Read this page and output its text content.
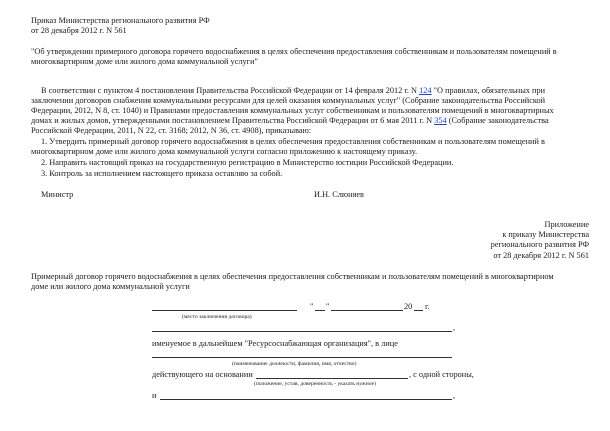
Приказ Министерства регионального развития РФ
от 28 декабря 2012 г. N 561
"Об утверждении примерного договора горячего водоснабжения в целях обеспечения предоставления собственникам и пользователям помещений в
многоквартирном доме или жилого дома коммунальной услуги"
В соответствии с пунктом 4 постановления Правительства Российской Федерации от 14 февраля 2012 г. N 124 "О правилах, обязательных при
заключении договоров снабжения коммунальными ресурсами для целей оказания коммунальных услуг" (Собрание законодательства Российской
Федерации, 2012, N 8, ст. 1040) и Правилами предоставления коммунальных услуг собственникам и пользователям помещений в многоквартирных
домах и жилых домов, утвержденными постановлением Правительства Российской Федерации от 6 мая 2011 г. N 354 (Собрание законодательства
Российской Федерации, 2011, N 22, ст. 3168; 2012, N 36, ст. 4908), приказываю:
1. Утвердить примерный договор горячего водоснабжения в целях обеспечения предоставления собственникам и пользователям помещений в
многоквартирном доме или жилого дома коммунальной услуги согласно приложению к настоящему приказу.
2. Направить настоящий приказ на государственную регистрацию в Министерство юстиции Российской Федерации.
3. Контроль за исполнением настоящего приказа оставляю за собой.
Министр	И.Н. Слюняев
Приложение
к приказу Министерства
регионального развития РФ
от 28 декабря 2012 г. N 561
Примерный договор горячего водоснабжения в целях обеспечения предоставления собственникам и пользователям помещений в многоквартирном
доме или жилого дома коммунальной услуги
" "	20 г.
(место заключения договора)
,
именуемое в дальнейшем "Ресурсоснабжающая организация", в лице
(наименование должности, фамилия, имя, отчество)
действующего на основании	, с одной стороны,
(положение, устав, доверенность - указать нужное)
и	,
